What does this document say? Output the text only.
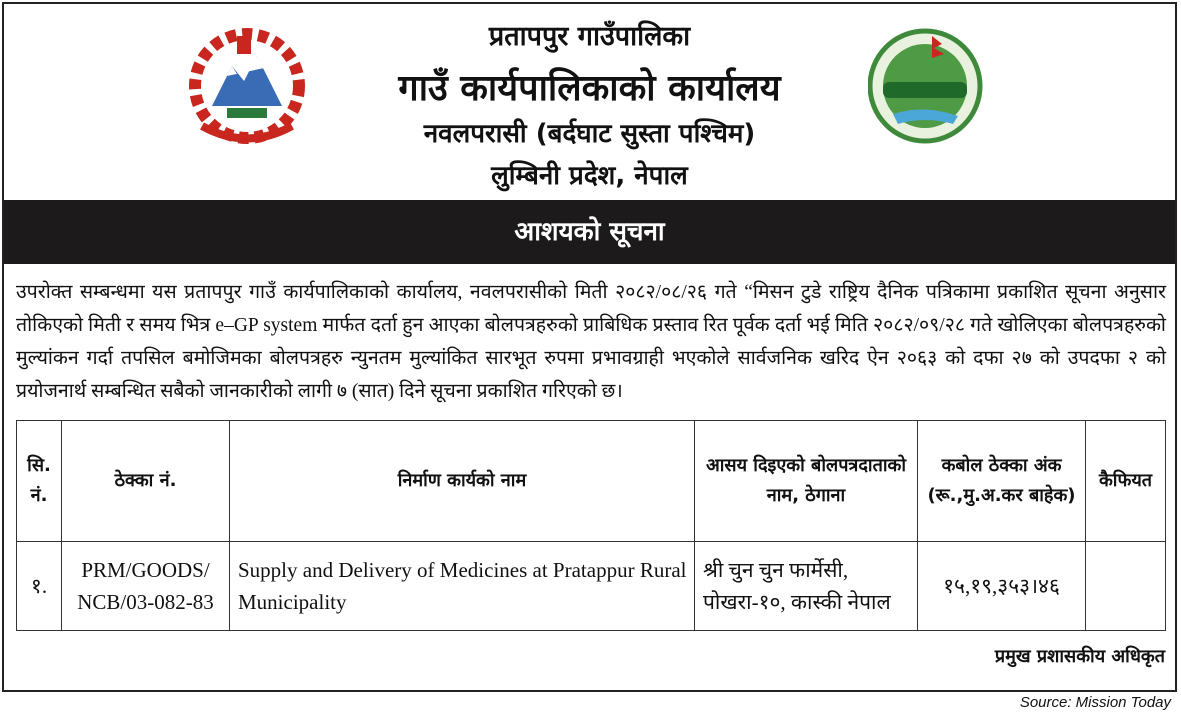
प्रतापपुर गाउँपालिका
गाउँ कार्यपालिकाको कार्यालय
नवलपरासी (बर्दघाट सुस्ता पश्चिम)
लुम्बिनी प्रदेश, नेपाल
आशयको सूचना
उपरोक्त सम्बन्धमा यस प्रतापपुर गाउँ कार्यपालिकाको कार्यालय, नवलपरासीको मिती २०८२/०८/२६ गते “मिसन टुडे राष्ट्रिय दैनिक पत्रिकामा प्रकाशित सूचना अनुसार तोकिएको मिती र समय भित्र e–GP system मार्फत दर्ता हुन आएका बोलपत्रहरुको प्राबिधिक प्रस्ताव रित पूर्वक दर्ता भई मिति २०८२/०९/२८ गते खोलिएका बोलपत्रहरुको मुल्यांकन गर्दा तपसिल बमोजिमका बोलपत्रहरु न्युनतम मुल्यांकित सारभूत रुपमा प्रभावग्राही भएकोले सार्वजनिक खरिद ऐन २०६३ को दफा २७ को उपदफा २ को प्रयोजनार्थ सम्बन्धित सबैको जानकारीको लागी ७ (सात) दिने सूचना प्रकाशित गरिएको छ।
सि. नं.	ठेक्का नं.	निर्माण कार्यको नाम	आसय दिइएको बोलपत्रदाताको नाम, ठेगाना	कबोल ठेक्का अंक (रू.,मु.अ.कर बाहेक)	कैफियत
१.	PRM/GOODS/ NCB/03-082-83	Supply and Delivery of Medicines at Pratappur Rural Municipality	श्री चुन चुन फार्मेसी, पोखरा-१०, कास्की नेपाल	१५,१९,३५३।४६	
प्रमुख प्रशासकीय अधिकृत
Source: Mission Today
